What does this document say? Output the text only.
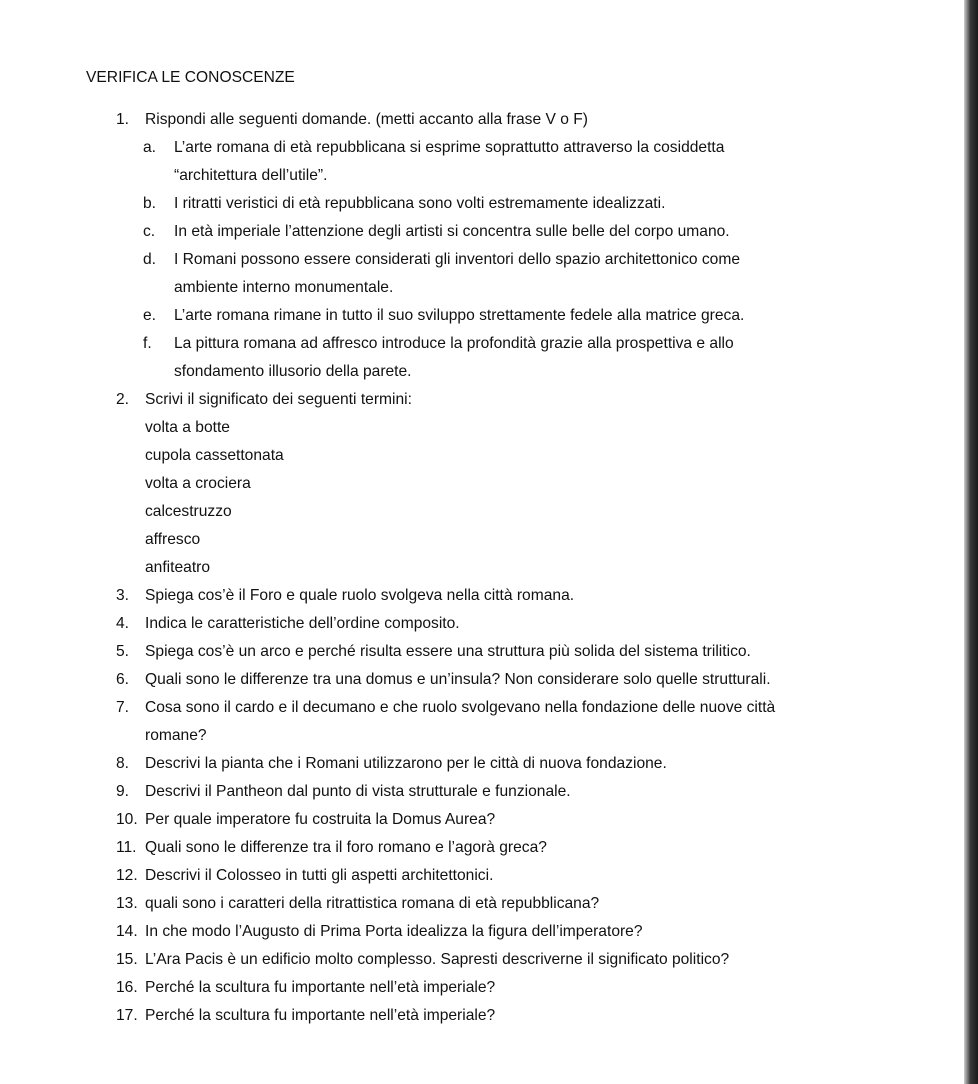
VERIFICA LE CONOSCENZE
1. Rispondi alle seguenti domande. (metti accanto alla frase V o F)
a. L’arte romana di età repubblicana si esprime soprattutto attraverso la cosiddetta
“architettura dell’utile”.
b. I ritratti veristici di età repubblicana sono volti estremamente idealizzati.
c. In età imperiale l’attenzione degli artisti si concentra sulle belle del corpo umano.
d. I Romani possono essere considerati gli inventori dello spazio architettonico come
ambiente interno monumentale.
e. L’arte romana rimane in tutto il suo sviluppo strettamente fedele alla matrice greca.
f. La pittura romana ad affresco introduce la profondità grazie alla prospettiva e allo
sfondamento illusorio della parete.
2. Scrivi il significato dei seguenti termini:
volta a botte
cupola cassettonata
volta a crociera
calcestruzzo
affresco
anfiteatro
3. Spiega cos’è il Foro e quale ruolo svolgeva nella città romana.
4. Indica le caratteristiche dell’ordine composito.
5. Spiega cos’è un arco e perché risulta essere una struttura più solida del sistema trilitico.
6. Quali sono le differenze tra una domus e un’insula? Non considerare solo quelle strutturali.
7. Cosa sono il cardo e il decumano e che ruolo svolgevano nella fondazione delle nuove città
romane?
8. Descrivi la pianta che i Romani utilizzarono per le città di nuova fondazione.
9. Descrivi il Pantheon dal punto di vista strutturale e funzionale.
10. Per quale imperatore fu costruita la Domus Aurea?
11. Quali sono le differenze tra il foro romano e l’agorà greca?
12. Descrivi il Colosseo in tutti gli aspetti architettonici.
13. quali sono i caratteri della ritrattistica romana di età repubblicana?
14. In che modo l’Augusto di Prima Porta idealizza la figura dell’imperatore?
15. L’Ara Pacis è un edificio molto complesso. Sapresti descriverne il significato politico?
16. Perché la scultura fu importante nell’età imperiale?
17. Perché la scultura fu importante nell’età imperiale?
